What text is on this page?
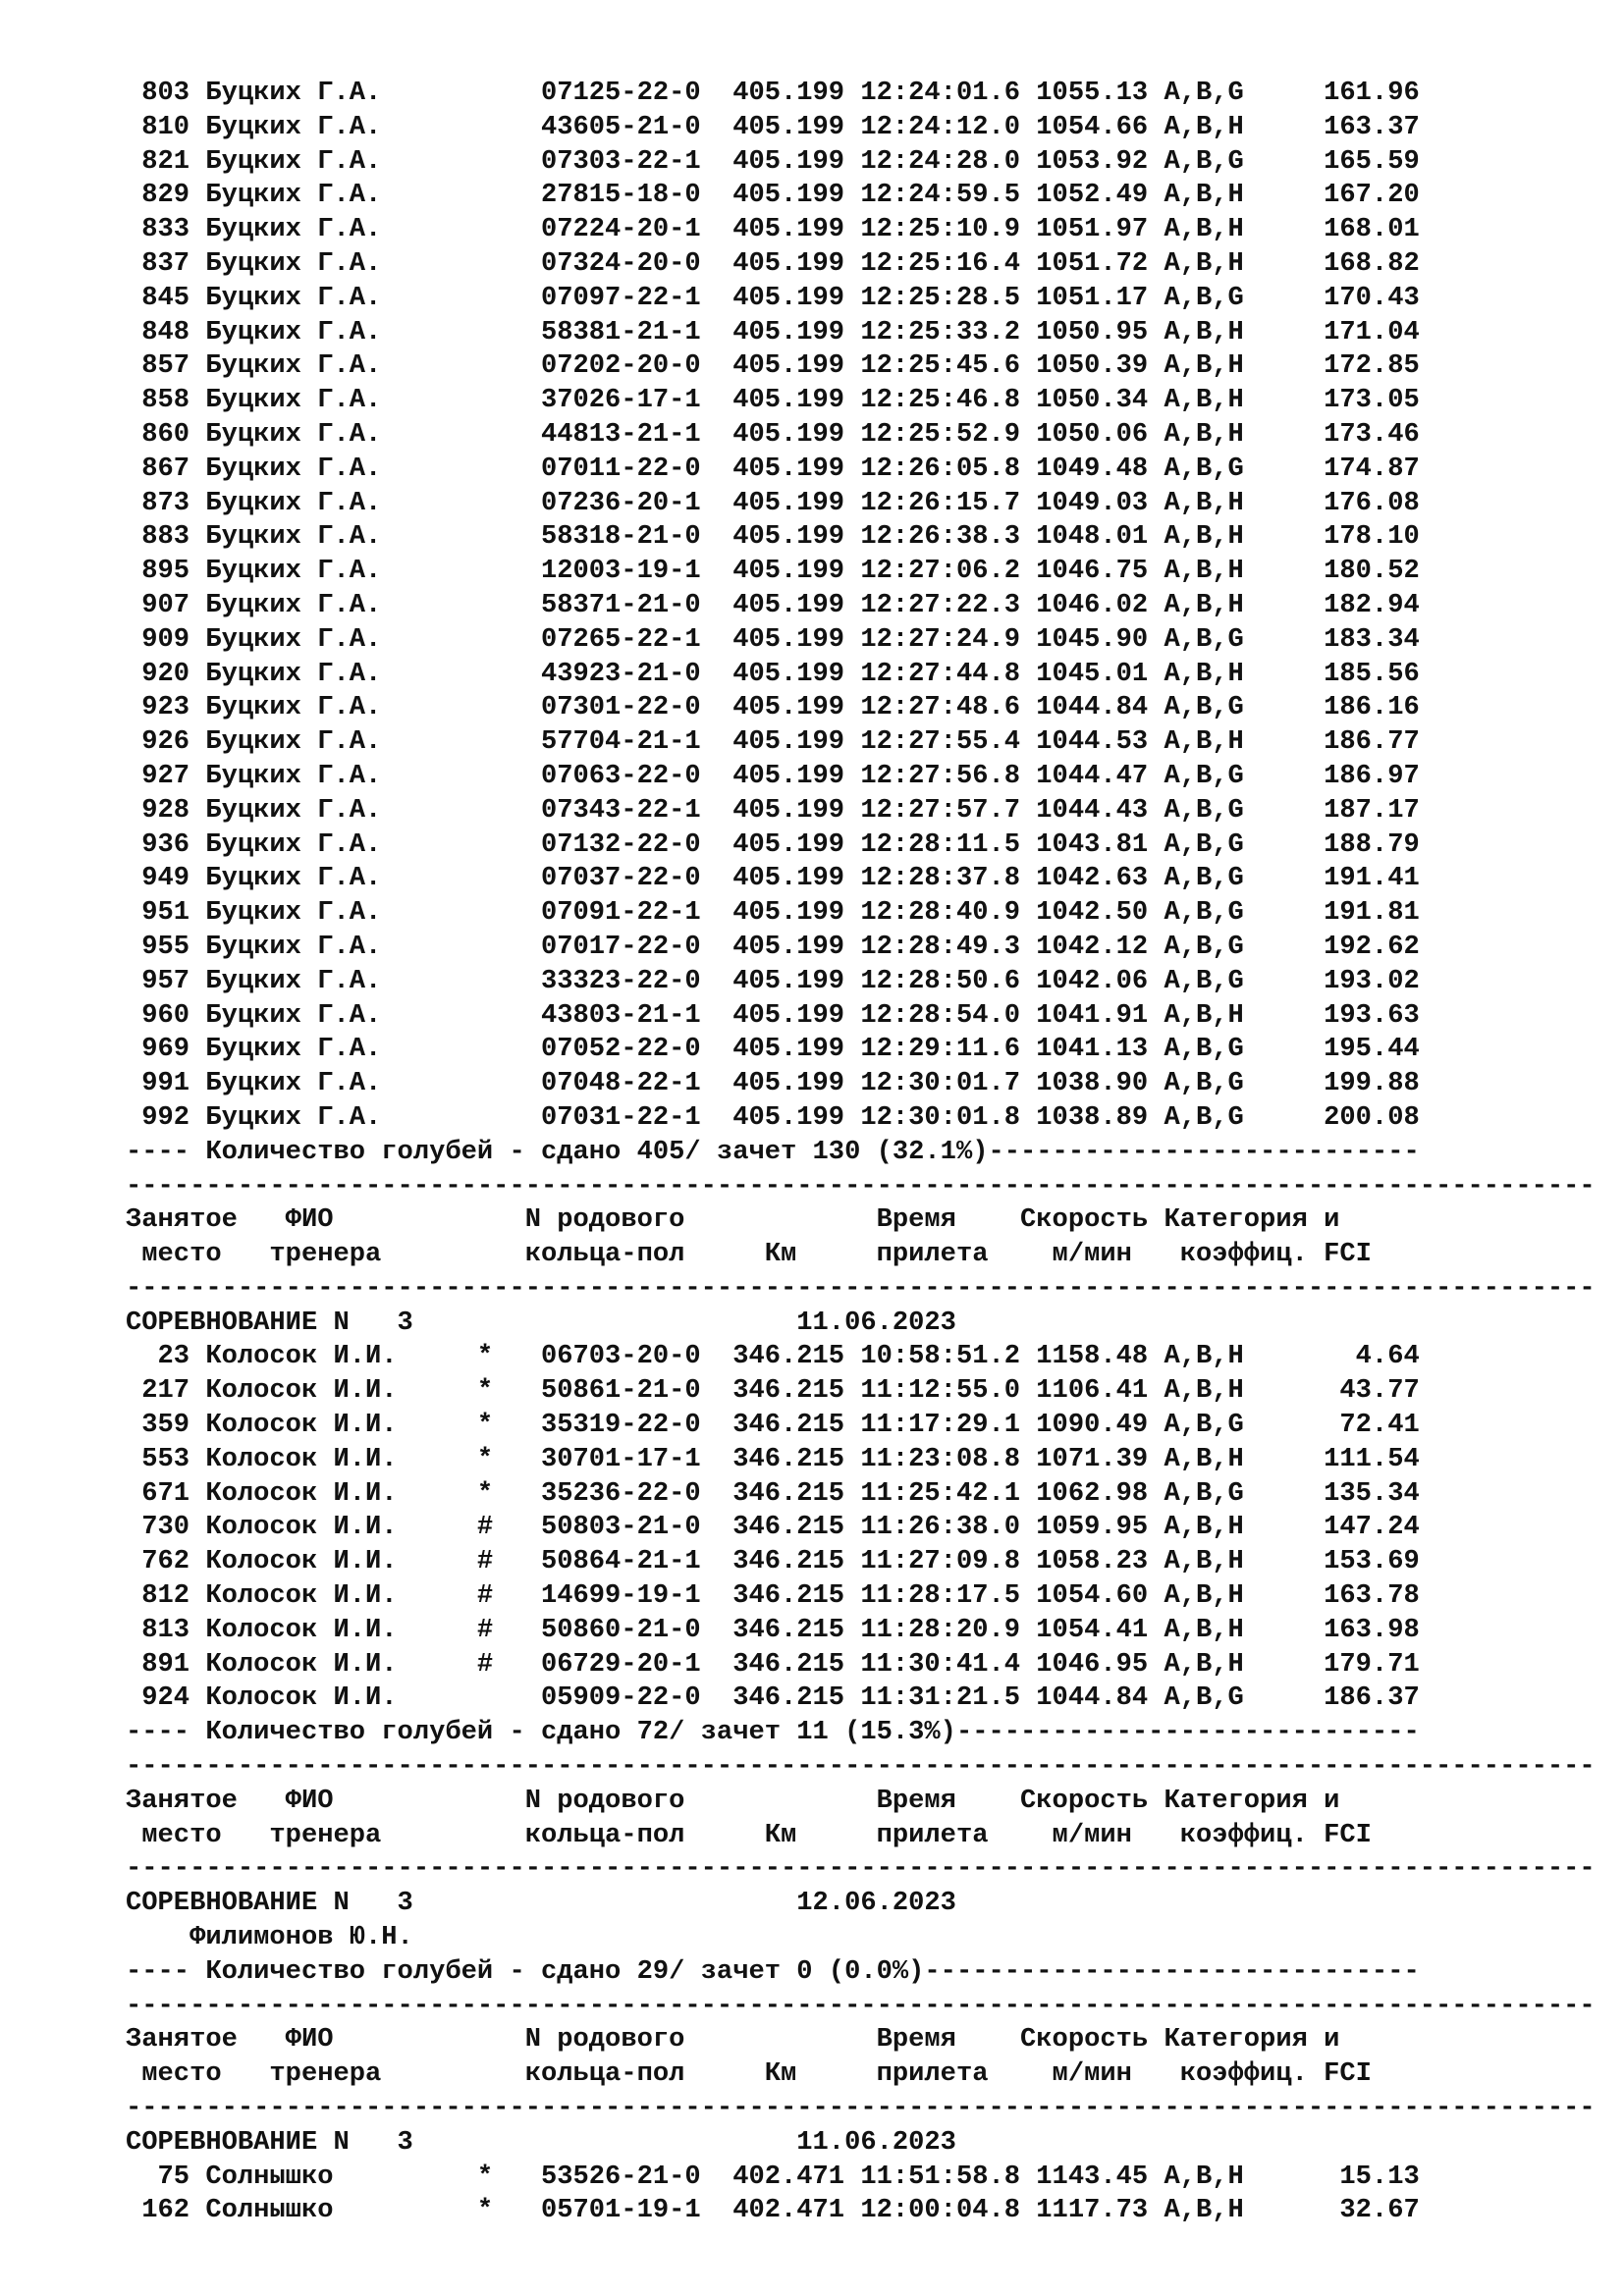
803 Буцких Г.А.          07125-22-0  405.199 12:24:01.6 1055.13 A,B,G     161.96
810 Буцких Г.А.          43605-21-0  405.199 12:24:12.0 1054.66 A,B,H     163.37
821 Буцких Г.А.          07303-22-1  405.199 12:24:28.0 1053.92 A,B,G     165.59
829 Буцких Г.А.          27815-18-0  405.199 12:24:59.5 1052.49 A,B,H     167.20
833 Буцких Г.А.          07224-20-1  405.199 12:25:10.9 1051.97 A,B,H     168.01
837 Буцких Г.А.          07324-20-0  405.199 12:25:16.4 1051.72 A,B,H     168.82
845 Буцких Г.А.          07097-22-1  405.199 12:25:28.5 1051.17 A,B,G     170.43
848 Буцких Г.А.          58381-21-1  405.199 12:25:33.2 1050.95 A,B,H     171.04
857 Буцких Г.А.          07202-20-0  405.199 12:25:45.6 1050.39 A,B,H     172.85
858 Буцких Г.А.          37026-17-1  405.199 12:25:46.8 1050.34 A,B,H     173.05
860 Буцких Г.А.          44813-21-1  405.199 12:25:52.9 1050.06 A,B,H     173.46
867 Буцких Г.А.          07011-22-0  405.199 12:26:05.8 1049.48 A,B,G     174.87
873 Буцких Г.А.          07236-20-1  405.199 12:26:15.7 1049.03 A,B,H     176.08
883 Буцких Г.А.          58318-21-0  405.199 12:26:38.3 1048.01 A,B,H     178.10
895 Буцких Г.А.          12003-19-1  405.199 12:27:06.2 1046.75 A,B,H     180.52
907 Буцких Г.А.          58371-21-0  405.199 12:27:22.3 1046.02 A,B,H     182.94
909 Буцких Г.А.          07265-22-1  405.199 12:27:24.9 1045.90 A,B,G     183.34
920 Буцких Г.А.          43923-21-0  405.199 12:27:44.8 1045.01 A,B,H     185.56
923 Буцких Г.А.          07301-22-0  405.199 12:27:48.6 1044.84 A,B,G     186.16
926 Буцких Г.А.          57704-21-1  405.199 12:27:55.4 1044.53 A,B,H     186.77
927 Буцких Г.А.          07063-22-0  405.199 12:27:56.8 1044.47 A,B,G     186.97
928 Буцких Г.А.          07343-22-1  405.199 12:27:57.7 1044.43 A,B,G     187.17
936 Буцких Г.А.          07132-22-0  405.199 12:28:11.5 1043.81 A,B,G     188.79
949 Буцких Г.А.          07037-22-0  405.199 12:28:37.8 1042.63 A,B,G     191.41
951 Буцких Г.А.          07091-22-1  405.199 12:28:40.9 1042.50 A,B,G     191.81
955 Буцких Г.А.          07017-22-0  405.199 12:28:49.3 1042.12 A,B,G     192.62
957 Буцких Г.А.          33323-22-0  405.199 12:28:50.6 1042.06 A,B,G     193.02
960 Буцких Г.А.          43803-21-1  405.199 12:28:54.0 1041.91 A,B,H     193.63
969 Буцких Г.А.          07052-22-0  405.199 12:29:11.6 1041.13 A,B,G     195.44
991 Буцких Г.А.          07048-22-1  405.199 12:30:01.7 1038.90 A,B,G     199.88
992 Буцких Г.А.          07031-22-1  405.199 12:30:01.8 1038.89 A,B,G     200.08
---- Количество голубей - сдано 405/ зачет 130 (32.1%)---------------------------
--------------------------------------------------------------------------------------------
Занятое   ФИО            N родового            Время    Скорость Категория и
место   тренера         кольца-пол     Км     прилета    м/мин   коэффиц. FCI
--------------------------------------------------------------------------------------------
СОРЕВНОВАНИЕ N   3                        11.06.2023
23 Колосок И.И.     *   06703-20-0  346.215 10:58:51.2 1158.48 A,B,H       4.64
217 Колосок И.И.     *   50861-21-0  346.215 11:12:55.0 1106.41 A,B,H      43.77
359 Колосок И.И.     *   35319-22-0  346.215 11:17:29.1 1090.49 A,B,G      72.41
553 Колосок И.И.     *   30701-17-1  346.215 11:23:08.8 1071.39 A,B,H     111.54
671 Колосок И.И.     *   35236-22-0  346.215 11:25:42.1 1062.98 A,B,G     135.34
730 Колосок И.И.     #   50803-21-0  346.215 11:26:38.0 1059.95 A,B,H     147.24
762 Колосок И.И.     #   50864-21-1  346.215 11:27:09.8 1058.23 A,B,H     153.69
812 Колосок И.И.     #   14699-19-1  346.215 11:28:17.5 1054.60 A,B,H     163.78
813 Колосок И.И.     #   50860-21-0  346.215 11:28:20.9 1054.41 A,B,H     163.98
891 Колосок И.И.     #   06729-20-1  346.215 11:30:41.4 1046.95 A,B,H     179.71
924 Колосок И.И.         05909-22-0  346.215 11:31:21.5 1044.84 A,B,G     186.37
---- Количество голубей - сдано 72/ зачет 11 (15.3%)-----------------------------
--------------------------------------------------------------------------------------------
Занятое   ФИО            N родового            Время    Скорость Категория и
место   тренера         кольца-пол     Км     прилета    м/мин   коэффиц. FCI
--------------------------------------------------------------------------------------------
СОРЕВНОВАНИЕ N   3                        12.06.2023
Филимонов Ю.Н.
---- Количество голубей - сдано 29/ зачет 0 (0.0%)-------------------------------
--------------------------------------------------------------------------------------------
Занятое   ФИО            N родового            Время    Скорость Категория и
место   тренера         кольца-пол     Км     прилета    м/мин   коэффиц. FCI
--------------------------------------------------------------------------------------------
СОРЕВНОВАНИЕ N   3                        11.06.2023
75 Солнышко         *   53526-21-0  402.471 11:51:58.8 1143.45 A,B,H      15.13
162 Солнышко         *   05701-19-1  402.471 12:00:04.8 1117.73 A,B,H      32.67
